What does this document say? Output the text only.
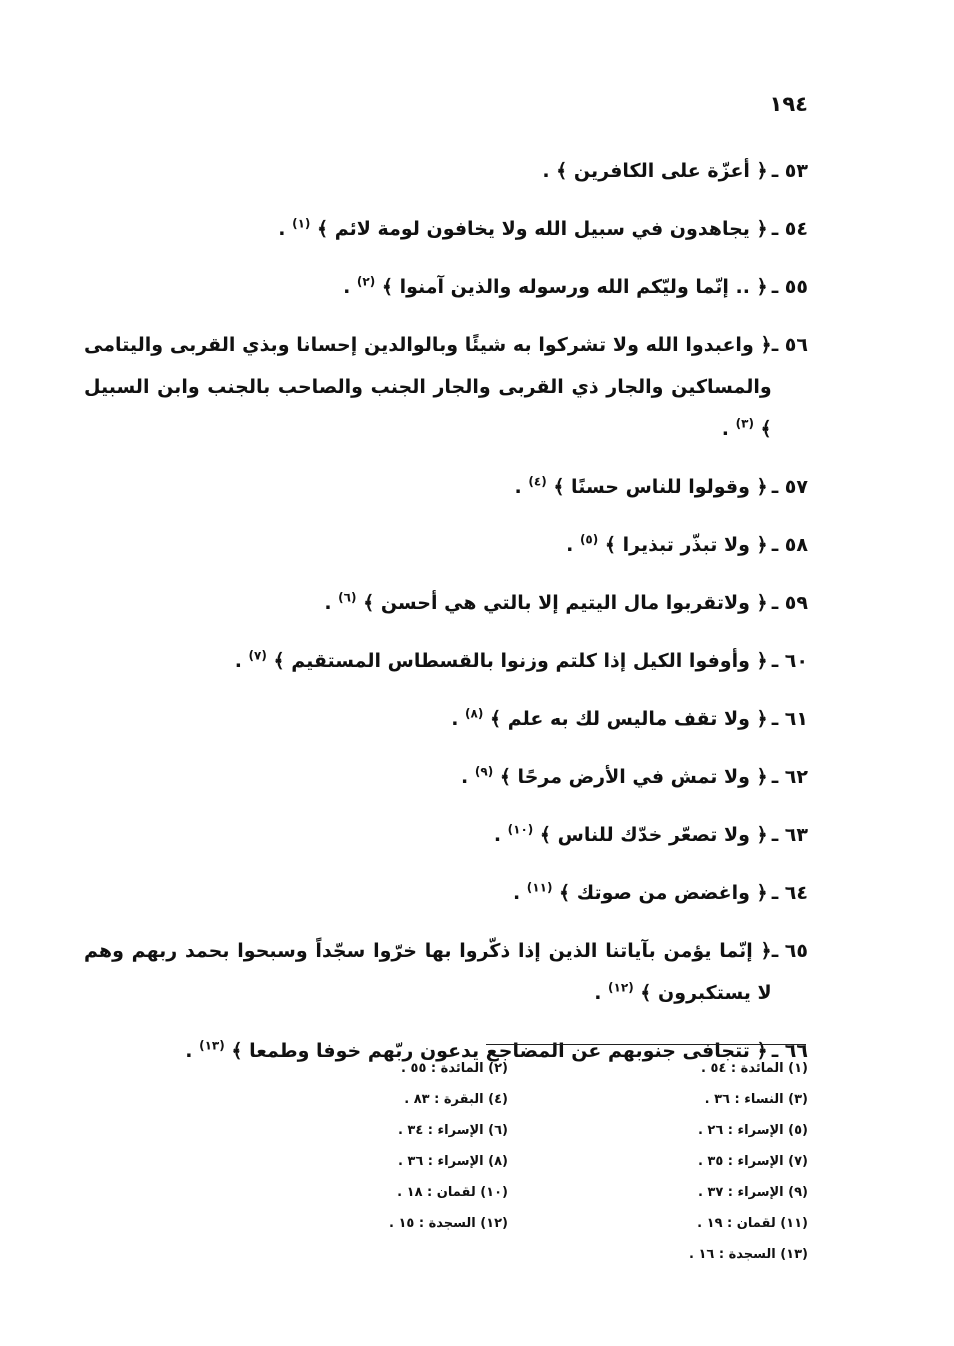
١٩٤
٥٣ ـ
﴿ أعزّة على الكافرين ﴾ .
٥٤ ـ
﴿ يجاهدون في سبيل الله ولا يخافون لومة لائم ﴾ $^{(١)}$ .
٥٥ ـ
﴿ .. إنّما وليّكم الله ورسوله والذين آمنوا ﴾ $^{(٢)}$ .
٥٦ ـ
﴿ واعبدوا الله ولا تشركوا به شيئًا وبالوالدين إحسانا وبذي القربى واليتامى والمساكين والجار ذي القربى والجار الجنب والصاحب بالجنب وابن السبيل ﴾ $^{(٣)}$ .
٥٧ ـ
﴿ وقولوا للناس حسنًا ﴾ $^{(٤)}$ .
٥٨ ـ
﴿ ولا تبذّر تبذيرا ﴾ $^{(٥)}$ .
٥٩ ـ
﴿ ولاتقربوا مال اليتيم إلا بالتي هي أحسن ﴾ $^{(٦)}$ .
٦٠ ـ
﴿ وأوفوا الكيل إذا كلتم وزنوا بالقسطاس المستقيم ﴾ $^{(٧)}$ .
٦١ ـ
﴿ ولا تقف ماليس لك به علم ﴾ $^{(٨)}$ .
٦٢ ـ
﴿ ولا تمش في الأرض مرحًا ﴾ $^{(٩)}$ .
٦٣ ـ
﴿ ولا تصعّر خدّك للناس ﴾ $^{(١٠)}$ .
٦٤ ـ
﴿ واغضض من صوتك ﴾ $^{(١١)}$ .
٦٥ ـ
﴿ إنّما يؤمن بآياتنا الذين إذا ذكّروا بها خرّوا سجّداً وسبحوا بحمد ربهم وهم لا يستكبرون ﴾ $^{(١٢)}$ .
٦٦ ـ
﴿ تتجافى جنوبهم عن المضاجع يدعون ربّهم خوفا وطمعا ﴾ $^{(١٣)}$ .
(١) المائدة : ٥٤ .
(٢) المائدة : ٥٥ .
(٣) النساء : ٣٦ .
(٤) البقرة : ٨٣ .
(٥) الإسراء : ٢٦ .
(٦) الإسراء : ٣٤ .
(٧) الإسراء : ٣٥ .
(٨) الإسراء : ٣٦ .
(٩) الإسراء : ٣٧ .
(١٠) لقمان : ١٨ .
(١١) لقمان : ١٩ .
(١٢) السجدة : ١٥ .
(١٣) السجدة : ١٦ .
